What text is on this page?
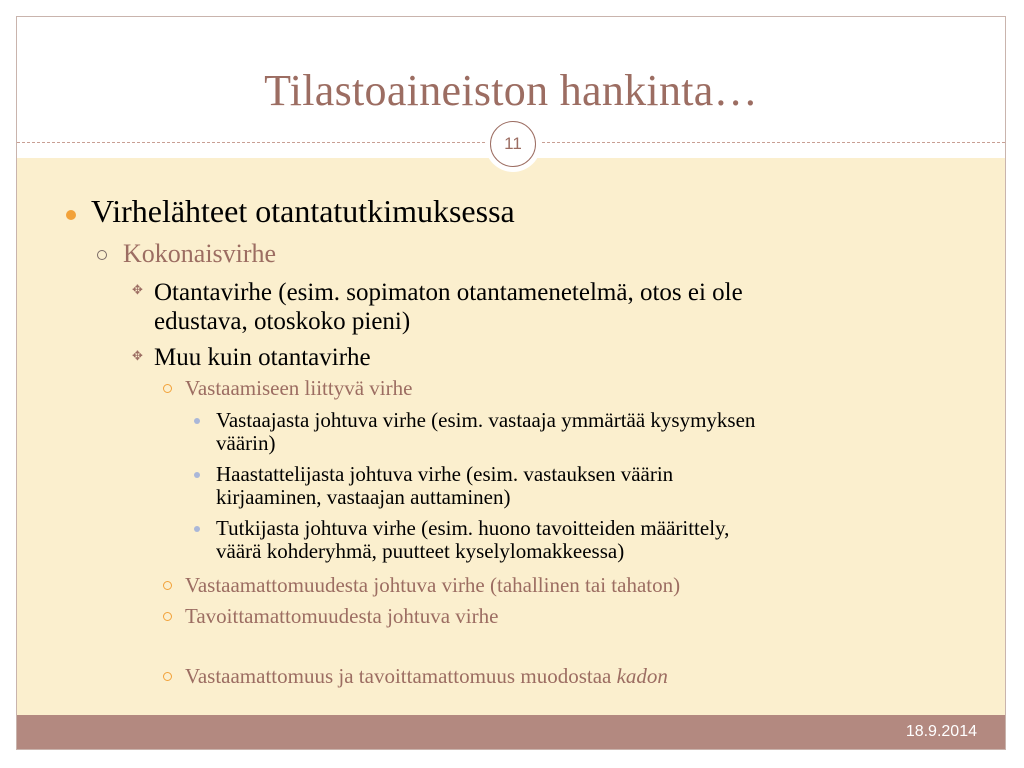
Tilastoaineiston hankinta…
11
Virhelähteet otantatutkimuksessa
Kokonaisvirhe
✥ Otantavirhe (esim. sopimaton otantamenetelmä, otos ei ole
edustava, otoskoko pieni)
✥ Muu kuin otantavirhe
Vastaamiseen liittyvä virhe
Vastaajasta johtuva virhe (esim. vastaaja ymmärtää kysymyksen
väärin)
Haastattelijasta johtuva virhe (esim. vastauksen väärin
kirjaaminen, vastaajan auttaminen)
Tutkijasta johtuva virhe (esim. huono tavoitteiden määrittely,
väärä kohderyhmä, puutteet kyselylomakkeessa)
Vastaamattomuudesta johtuva virhe (tahallinen tai tahaton)
Tavoittamattomuudesta johtuva virhe
Vastaamattomuus ja tavoittamattomuus muodostaa kadon
18.9.2014
